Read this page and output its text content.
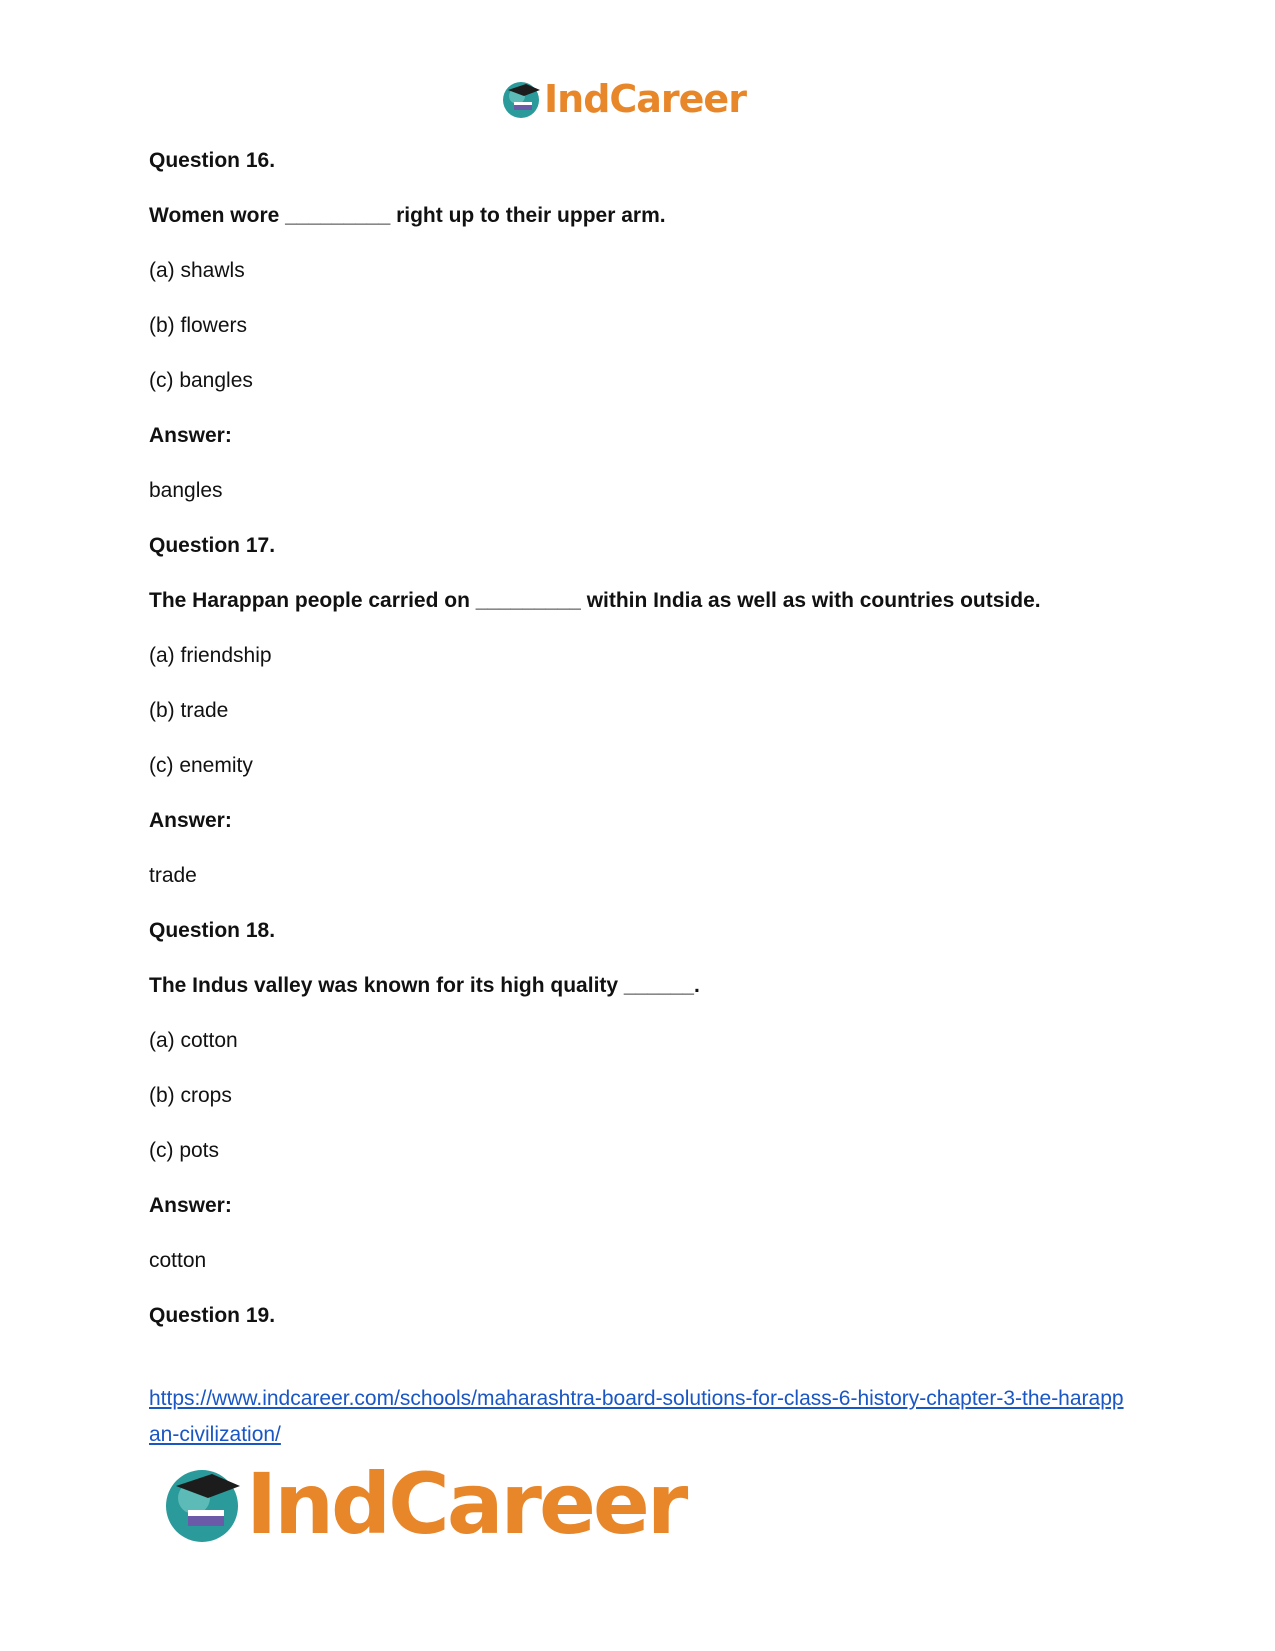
IndCareer
Question 16.
Women wore _________ right up to their upper arm.
(a) shawls
(b) flowers
(c) bangles
Answer:
bangles
Question 17.
The Harappan people carried on _________ within India as well as with countries outside.
(a) friendship
(b) trade
(c) enemity
Answer:
trade
Question 18.
The Indus valley was known for its high quality ______.
(a) cotton
(b) crops
(c) pots
Answer:
cotton
Question 19.
https://www.indcareer.com/schools/maharashtra-board-solutions-for-class-6-history-chapter-3-the-harappan-civilization/
IndCareer
